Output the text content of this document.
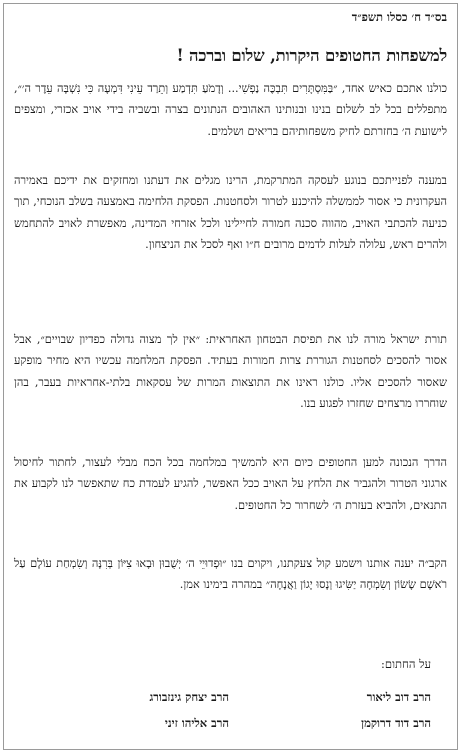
בס״ד ח׳ כסלו תשפ״ד
למשפחות החטופים היקרות, שלום וברכה !
כולנו אתכם כאיש אחד, ״בַּמִּסְתָּרִים תִּבְכֶּה נַפְשִׁי... וְדָמֹעַ תִּדְמַע וְתֵרַד עֵינִי דִּמְעָה כִּי נִשְׁבָּה עֵדֶר ה׳״, מתפללים בכל לב לשלום בנינו ובנותינו האהובים הנתונים בצרה ובשביה בידי אויב אכזרי, ומצפים לישועת ה׳ בחזרתם לחיק משפחותיהם בריאים ושלמים.
במענה לפנייתכם בנוגע לעסקה המתרקמת, הרינו מגלים את דעתנו ומחזקים את ידיכם באמירה העקרונית כי אסור לממשלה להיכנע לטרור ולסחטנות. הפסקת הלחימה באמצעה בשלב הנוכחי, תוך כניעה להכתבי האויב, מהווה סכנה חמורה לחיילינו ולכל אזרחי המדינה, מאפשרת לאויב להתחמש ולהרים ראש, עלולה לעלות לדמים מרובים ח״ו ואף לסכל את הניצחון.
תורת ישראל מורה לנו את תפיסת הבטחון האחראית: ״אין לך מצוה גדולה כפדיון שבויים״, אבל אסור להסכים לסחטנות הגוררת צרות חמורות בעתיד. הפסקת המלחמה עכשיו היא מחיר מופקע שאסור להסכים אליו. כולנו ראינו את התוצאות המרות של עסקאות בלתי-אחראיות בעבר, בהן שוחררו מרצחים שחזרו לפגוע בנו.
הדרך הנכונה למען החטופים כיום היא להמשיך במלחמה בכל הכח מבלי לעצור, לחתור לחיסול ארגוני הטרור ולהגביר את הלחץ על האויב ככל האפשר, להגיע לעמדת כח שתאפשר לנו לקבוע את התנאים, ולהביא בעזרת ה׳ לשחרור כל החטופים.
הקב״ה יענה אותנו וישמע קול צעקתנו, ויקוים בנו ״וּפְדוּיֵי ה׳ יְשֻׁבוּן וּבָאוּ צִיּוֹן בְּרִנָּה וְשִׂמְחַת עוֹלָם עַל רֹאשָׁם שָׂשׂוֹן וְשִׂמְחָה יַשִּׂיגוּ וְנָסוּ יָגוֹן וַאֲנָחָה״ במהרה בימינו אמן.
על החתום:
הרב דוב ליאור
הרב יצחק גינזבורג
הרב דוד דרוקמן
הרב אליהו זיני
